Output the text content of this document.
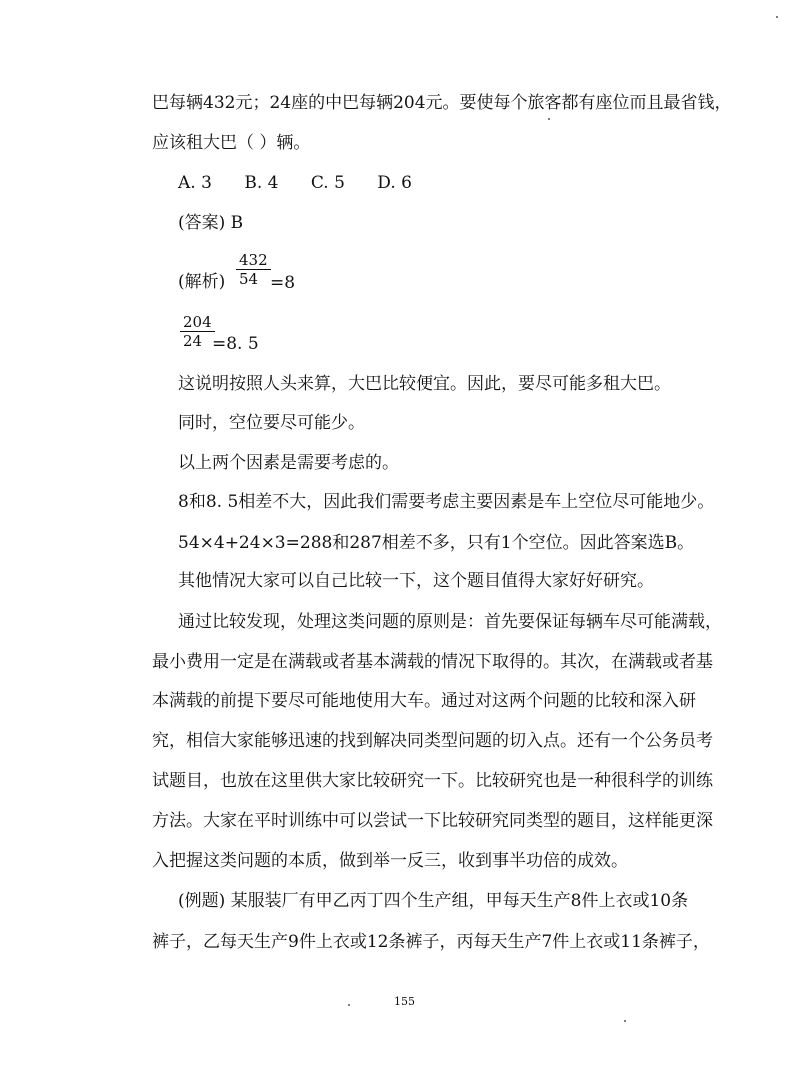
巴每辆432元；24座的中巴每辆204元。要使每个旅客都有座位而且最省钱，
应该租大巴（ ）辆。
A. 3      B. 4      C. 5      D. 6
(答案) B
(解析) $\frac{432}{54} =8$
$\frac{204}{24}$
=8. 5
这说明按照人头来算，大巴比较便宜。因此，要尽可能多租大巴。
同时，空位要尽可能少。
以上两个因素是需要考虑的。
8和8. 5相差不大，因此我们需要考虑主要因素是车上空位尽可能地少。
54×4+24×3=288和287相差不多，只有1个空位。因此答案选B。
其他情况大家可以自己比较一下，这个题目值得大家好好研究。
通过比较发现，处理这类问题的原则是：首先要保证每辆车尽可能满载，
最小费用一定是在满载或者基本满载的情况下取得的。其次，在满载或者基
本满载的前提下要尽可能地使用大车。通过对这两个问题的比较和深入研
究，相信大家能够迅速的找到解决同类型问题的切入点。还有一个公务员考
试题目，也放在这里供大家比较研究一下。比较研究也是一种很科学的训练
方法。大家在平时训练中可以尝试一下比较研究同类型的题目，这样能更深
入把握这类问题的本质，做到举一反三，收到事半功倍的成效。
(例题) 某服装厂有甲乙丙丁四个生产组，甲每天生产8件上衣或10条
裤子，乙每天生产9件上衣或12条裤子，丙每天生产7件上衣或11条裤子，
155
